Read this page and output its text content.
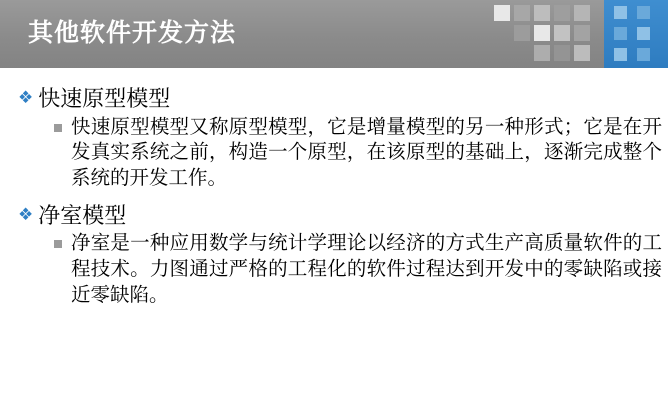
其他软件开发方法
❖ 快速原型模型
快速原型模型又称原型模型，它是增量模型的另一种形式；它是在开发真实系统之前，构造一个原型，在该原型的基础上，逐渐完成整个系统的开发工作。
❖ 净室模型
净室是一种应用数学与统计学理论以经济的方式生产高质量软件的工程技术。力图通过严格的工程化的软件过程达到开发中的零缺陷或接近零缺陷。
